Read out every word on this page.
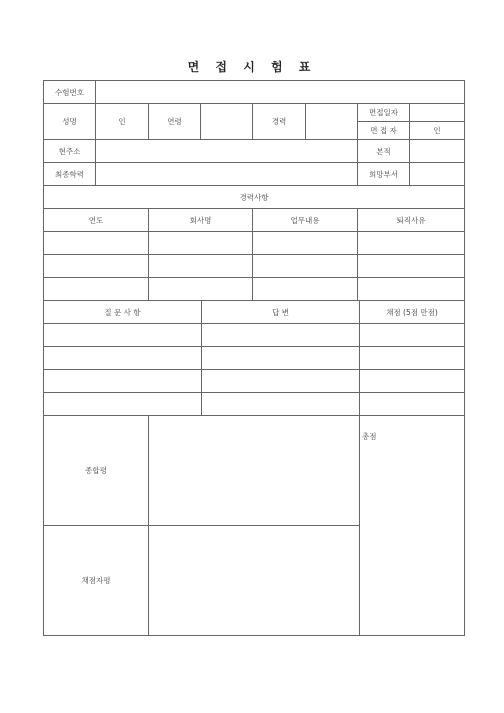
면 접 시 험 표
수험번호							
성명	인	연령		경력		면접일자	
						면 접 자	인
현주소						본적	
최종학력						희망부서	
경력사항							
연도		회사명		업무내용		퇴직사유	

질 문 사 항	답 변	채점 (5점 만점)

종합평		총점
채점자평		
